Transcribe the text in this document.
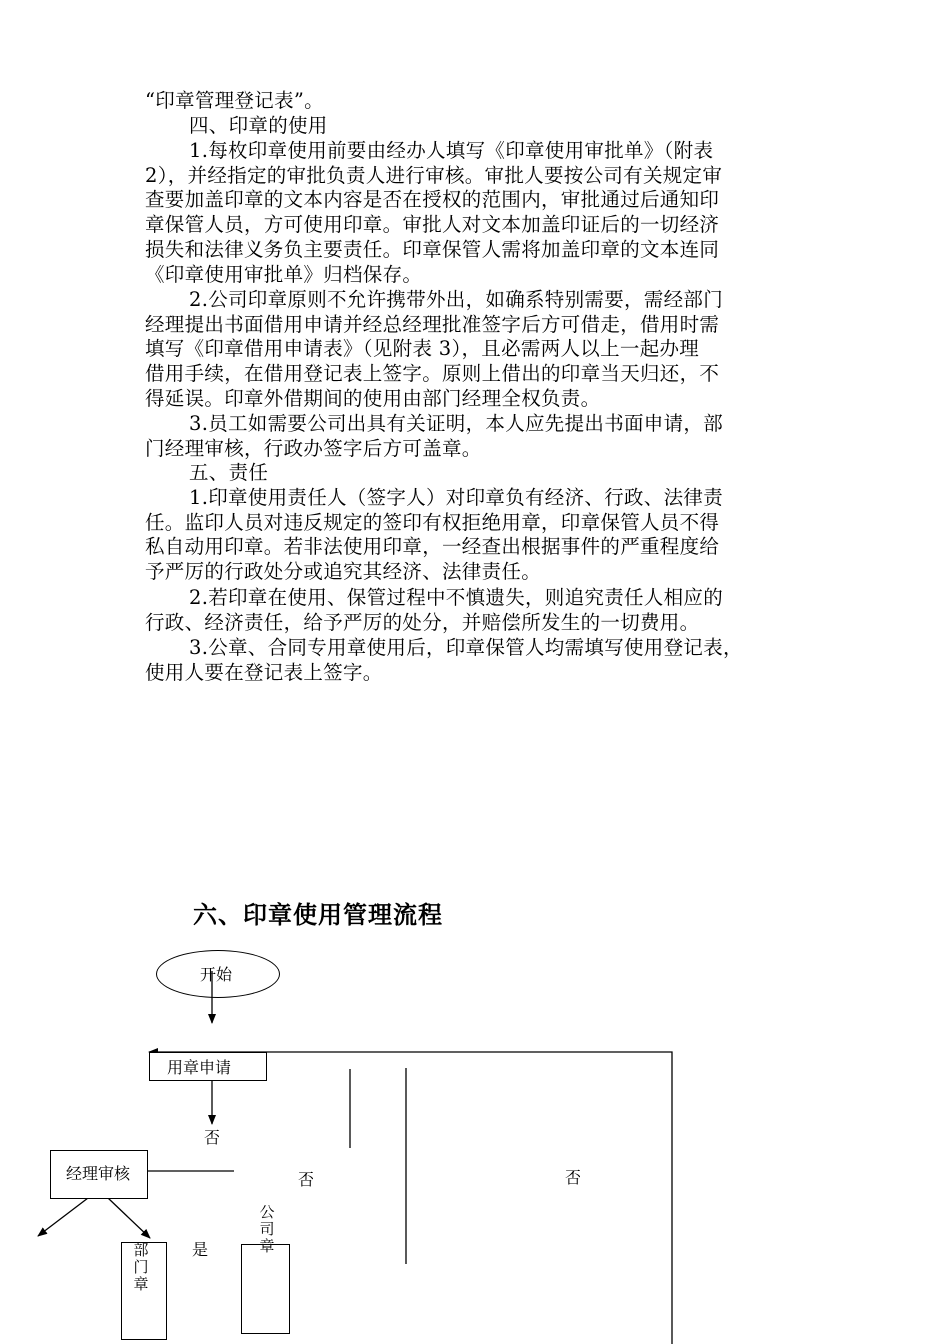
“印章管理登记表”。
四、印章的使用

1.每枚印章使用前要由经办人填写《印章使用审批单》（附表
2），并经指定的审批负责人进行审核。审批人要按公司有关规定审
查要加盖印章的文本内容是否在授权的范围内，审批通过后通知印
章保管人员，方可使用印章。审批人对文本加盖印证后的一切经济
损失和法律义务负主要责任。印章保管人需将加盖印章的文本连同
《印章使用审批单》归档保存。

2.公司印章原则不允许携带外出，如确系特别需要，需经部门
经理提出书面借用申请并经总经理批准签字后方可借走，借用时需
填写《印章借用申请表》（见附表 3），且必需两人以上一起办理
借用手续，在借用登记表上签字。原则上借出的印章当天归还，不
得延误。印章外借期间的使用由部门经理全权负责。

3.员工如需要公司出具有关证明，本人应先提出书面申请，部
门经理审核，行政办签字后方可盖章。
五、责任

1.印章使用责任人（签字人）对印章负有经济、行政、法律责
任。监印人员对违反规定的签印有权拒绝用章，印章保管人员不得
私自动用印章。若非法使用印章，一经查出根据事件的严重程度给
予严厉的行政处分或追究其经济、法律责任。

2.若印章在使用、保管过程中不慎遗失，则追究责任人相应的
行政、经济责任，给予严厉的处分，并赔偿所发生的一切费用。

3.公章、合同专用章使用后，印章保管人均需填写使用登记表，
使用人要在登记表上签字。

六、印章使用管理流程
开始
用章申请
否
经理审核	否	否
是
公司章
部门章
